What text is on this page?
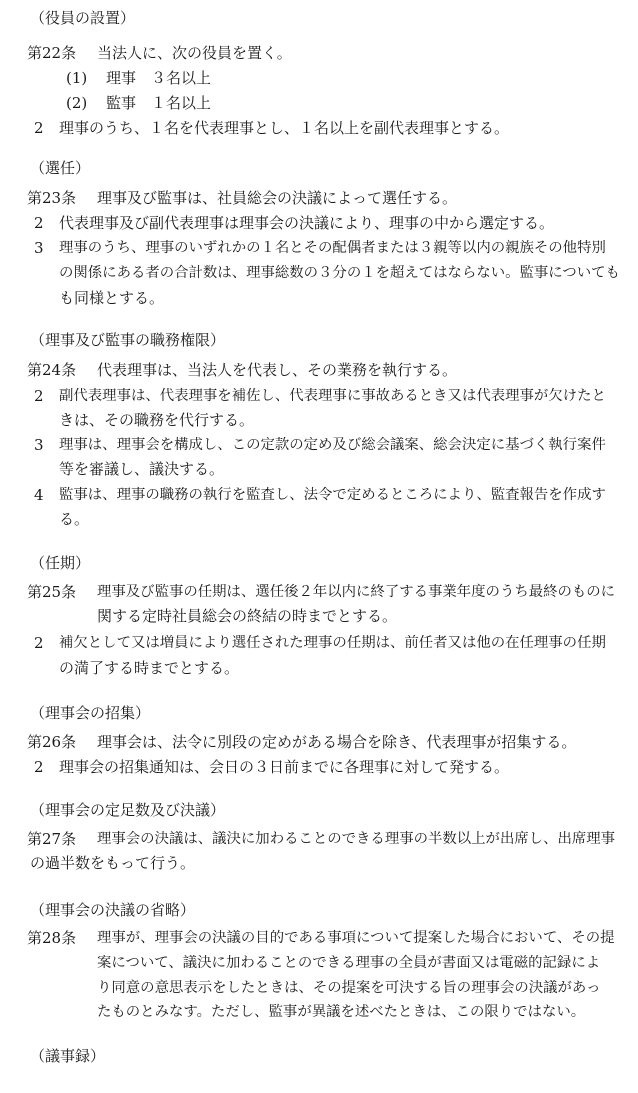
（役員の設置）
第22条 当法人に、次の役員を置く。
(1) 理事　３名以上
(2) 監事　１名以上
2 理事のうち、１名を代表理事とし、１名以上を副代表理事とする。
（選任）
第23条 理事及び監事は、社員総会の決議によって選任する。
2 代表理事及び副代表理事は理事会の決議により、理事の中から選定する。
3 理事のうち、理事のいずれかの１名とその配偶者または３親等以内の親族その他特別
の関係にある者の合計数は、理事総数の３分の１を超えてはならない。監事についても
も同様とする。
（理事及び監事の職務権限）
第24条 代表理事は、当法人を代表し、その業務を執行する。
2 副代表理事は、代表理事を補佐し、代表理事に事故あるとき又は代表理事が欠けたと
きは、その職務を代行する。
3 理事は、理事会を構成し、この定款の定め及び総会議案、総会決定に基づく執行案件
等を審議し、議決する。
4 監事は、理事の職務の執行を監査し、法令で定めるところにより、監査報告を作成す
る。
（任期）
第25条 理事及び監事の任期は、選任後２年以内に終了する事業年度のうち最終のものに
関する定時社員総会の終結の時までとする。
2 補欠として又は増員により選任された理事の任期は、前任者又は他の在任理事の任期
の満了する時までとする。
（理事会の招集）
第26条 理事会は、法令に別段の定めがある場合を除き、代表理事が招集する。
2 理事会の招集通知は、会日の３日前までに各理事に対して発する。
（理事会の定足数及び決議）
第27条 理事会の決議は、議決に加わることのできる理事の半数以上が出席し、出席理事
の過半数をもって行う。
（理事会の決議の省略）
第28条 理事が、理事会の決議の目的である事項について提案した場合において、その提
案について、議決に加わることのできる理事の全員が書面又は電磁的記録によ
り同意の意思表示をしたときは、その提案を可決する旨の理事会の決議があっ
たものとみなす。ただし、監事が異議を述べたときは、この限りではない。
（議事録）
